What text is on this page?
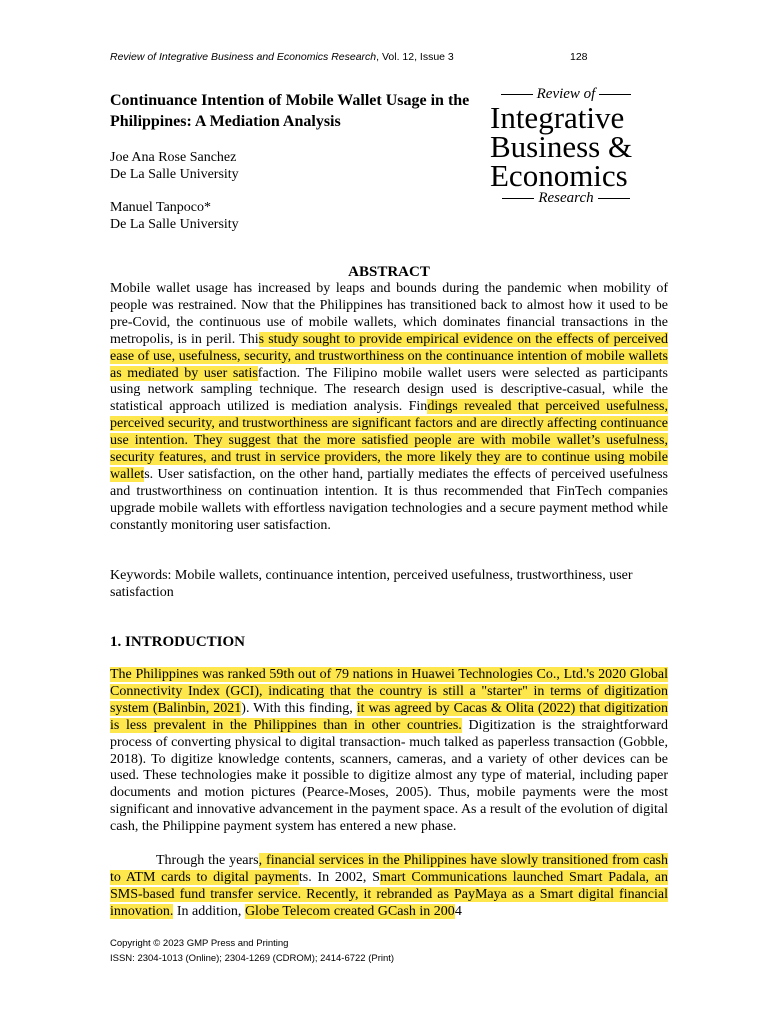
Review of Integrative Business and Economics Research, Vol. 12, Issue 3	128
Continuance Intention of Mobile Wallet Usage in the Philippines: A Mediation Analysis
Joe Ana Rose Sanchez
De La Salle University
Manuel Tanpoco*
De La Salle University
Review of
Integrative
Business &
Economics
Research
ABSTRACT

Mobile wallet usage has increased by leaps and bounds during the pandemic when mobility of people was restrained. Now that the Philippines has transitioned back to almost how it used to be pre-Covid, the continuous use of mobile wallets, which dominates financial transactions in the metropolis, is in peril. This study sought to provide empirical evidence on the effects of perceived ease of use, usefulness, security, and trustworthiness on the continuance intention of mobile wallets as mediated by user satisfaction. The Filipino mobile wallet users were selected as participants using network sampling technique. The research design used is descriptive-casual, while the statistical approach utilized is mediation analysis. Findings revealed that perceived usefulness, perceived security, and trustworthiness are significant factors and are directly affecting continuance use intention. They suggest that the more satisfied people are with mobile wallet’s usefulness, security features, and trust in service providers, the more likely they are to continue using mobile wallets. User satisfaction, on the other hand, partially mediates the effects of perceived usefulness and trustworthiness on continuation intention. It is thus recommended that FinTech companies upgrade mobile wallets with effortless navigation technologies and a secure payment method while constantly monitoring user satisfaction.

Keywords: Mobile wallets, continuance intention, perceived usefulness, trustworthiness, user satisfaction

1. INTRODUCTION

The Philippines was ranked 59th out of 79 nations in Huawei Technologies Co., Ltd.'s 2020 Global Connectivity Index (GCI), indicating that the country is still a "starter" in terms of digitization system (Balinbin, 2021). With this finding, it was agreed by Cacas & Olita (2022) that digitization is less prevalent in the Philippines than in other countries. Digitization is the straightforward process of converting physical to digital transaction- much talked as paperless transaction (Gobble, 2018). To digitize knowledge contents, scanners, cameras, and a variety of other devices can be used. These technologies make it possible to digitize almost any type of material, including paper documents and motion pictures (Pearce-Moses, 2005). Thus, mobile payments were the most significant and innovative advancement in the payment space. As a result of the evolution of digital cash, the Philippine payment system has entered a new phase.

Through the years, financial services in the Philippines have slowly transitioned from cash to ATM cards to digital payments. In 2002, Smart Communications launched Smart Padala, an SMS-based fund transfer service. Recently, it rebranded as PayMaya as a Smart digital financial innovation. In addition, Globe Telecom created GCash in 2004

Copyright © 2023 GMP Press and Printing
ISSN: 2304-1013 (Online); 2304-1269 (CDROM); 2414-6722 (Print)
